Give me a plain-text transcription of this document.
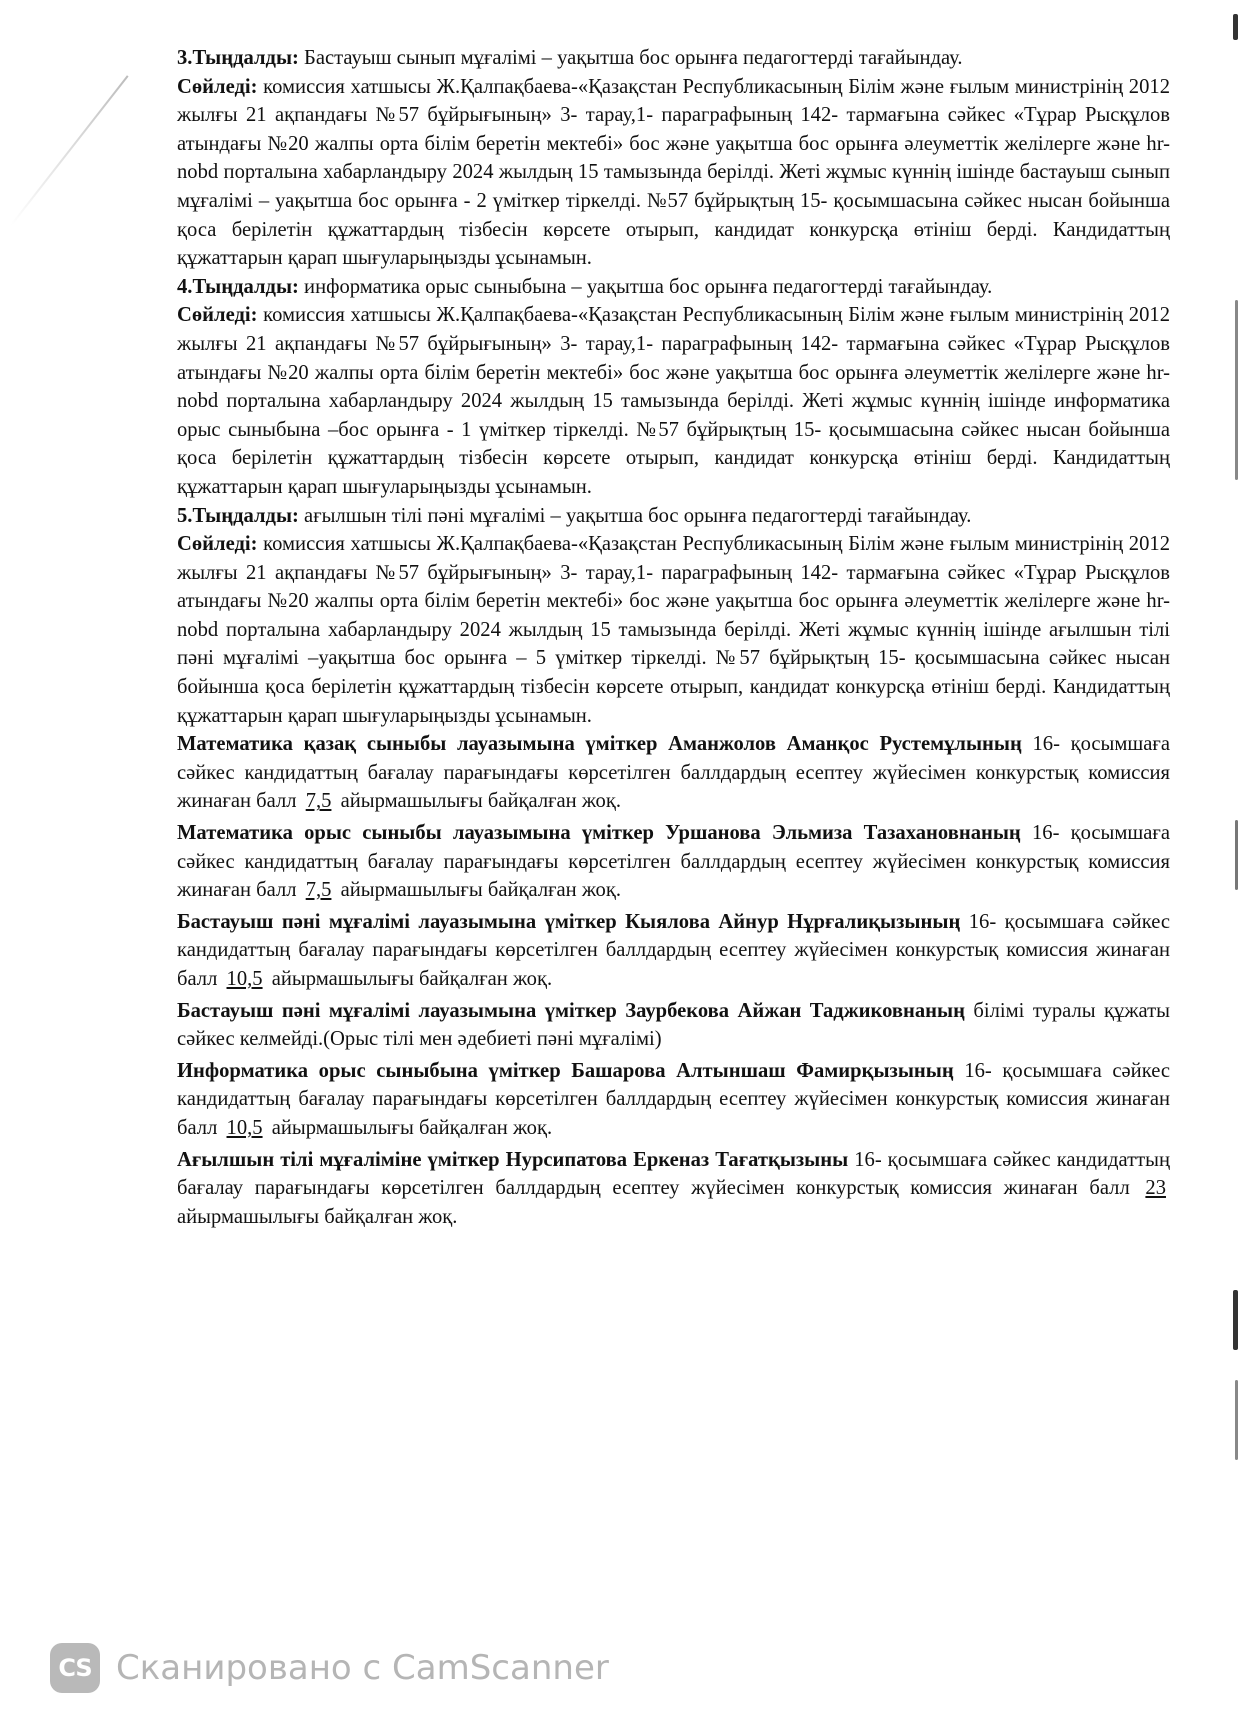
3.Тыңдалды: Бастауыш сынып мұғалімі – уақытша бос орынға педагогтерді тағайындау.

Сөйледі: комиссия хатшысы Ж.Қалпақбаева-«Қазақстан Республикасының Білім және ғылым министрінің 2012 жылғы 21 ақпандағы №57 бұйрығының» 3- тарау,1- параграфының 142- тармағына сәйкес «Тұрар Рысқұлов атындағы №20 жалпы орта білім беретін мектебі» бос және уақытша бос орынға әлеуметтік желілерге және hr-nobd порталына хабарландыру 2024 жылдың 15 тамызында берілді. Жеті жұмыс күннің ішінде бастауыш сынып мұғалімі – уақытша бос орынға - 2 үміткер тіркелді. №57 бұйрықтың 15- қосымшасына сәйкес нысан бойынша қоса берілетін құжаттардың тізбесін көрсете отырып, кандидат конкурсқа өтініш берді. Кандидаттың құжаттарын қарап шығуларыңызды ұсынамын.

4.Тыңдалды: информатика орыс сыныбына – уақытша бос орынға педагогтерді тағайындау.

Сөйледі: комиссия хатшысы Ж.Қалпақбаева-«Қазақстан Республикасының Білім және ғылым министрінің 2012 жылғы 21 ақпандағы №57 бұйрығының» 3- тарау,1- параграфының 142- тармағына сәйкес «Тұрар Рысқұлов атындағы №20 жалпы орта білім беретін мектебі» бос және уақытша бос орынға әлеуметтік желілерге және hr-nobd порталына хабарландыру 2024 жылдың 15 тамызында берілді. Жеті жұмыс күннің ішінде информатика орыс сыныбына –бос орынға - 1 үміткер тіркелді. №57 бұйрықтың 15- қосымшасына сәйкес нысан бойынша қоса берілетін құжаттардың тізбесін көрсете отырып, кандидат конкурсқа өтініш берді. Кандидаттың құжаттарын қарап шығуларыңызды ұсынамын.

5.Тыңдалды: ағылшын тілі пәні мұғалімі – уақытша бос орынға педагогтерді тағайындау.

Сөйледі: комиссия хатшысы Ж.Қалпақбаева-«Қазақстан Республикасының Білім және ғылым министрінің 2012 жылғы 21 ақпандағы №57 бұйрығының» 3- тарау,1- параграфының 142- тармағына сәйкес «Тұрар Рысқұлов атындағы №20 жалпы орта білім беретін мектебі» бос және уақытша бос орынға әлеуметтік желілерге және hr-nobd порталына хабарландыру 2024 жылдың 15 тамызында берілді. Жеті жұмыс күннің ішінде ағылшын тілі пәні мұғалімі –уақытша бос орынға – 5 үміткер тіркелді. №57 бұйрықтың 15- қосымшасына сәйкес нысан бойынша қоса берілетін құжаттардың тізбесін көрсете отырып, кандидат конкурсқа өтініш берді. Кандидаттың құжаттарын қарап шығуларыңызды ұсынамын.

Математика қазақ сыныбы лауазымына үміткер Аманжолов Аманқос Рустемұлының 16- қосымшаға сәйкес кандидаттың бағалау парағындағы көрсетілген баллдардың есептеу жүйесімен конкурстық комиссия жинаған балл 7,5 айырмашылығы байқалған жоқ.

Математика орыс сыныбы лауазымына үміткер Уршанова Эльмиза Тазахановнаның 16- қосымшаға сәйкес кандидаттың бағалау парағындағы көрсетілген баллдардың есептеу жүйесімен конкурстық комиссия жинаған балл 7,5 айырмашылығы байқалған жоқ.

Бастауыш пәні мұғалімі лауазымына үміткер Кыялова Айнур Нұрғалиқызының 16- қосымшаға сәйкес кандидаттың бағалау парағындағы көрсетілген баллдардың есептеу жүйесімен конкурстық комиссия жинаған балл 10,5 айырмашылығы байқалған жоқ.

Бастауыш пәні мұғалімі лауазымына үміткер Заурбекова Айжан Таджиковнаның білімі туралы құжаты сәйкес келмейді.(Орыс тілі мен әдебиеті пәні мұғалімі)

Информатика орыс сыныбына үміткер Башарова Алтыншаш Фамирқызының 16- қосымшаға сәйкес кандидаттың бағалау парағындағы көрсетілген баллдардың есептеу жүйесімен конкурстық комиссия жинаған балл 10,5 айырмашылығы байқалған жоқ.

Ағылшын тілі мұғаліміне үміткер Нурсипатова Еркеназ Тағатқызыны 16- қосымшаға сәйкес кандидаттың бағалау парағындағы көрсетілген баллдардың есептеу жүйесімен конкурстық комиссия жинаған балл 23 айырмашылығы байқалған жоқ.

CS Сканировано с CamScanner
